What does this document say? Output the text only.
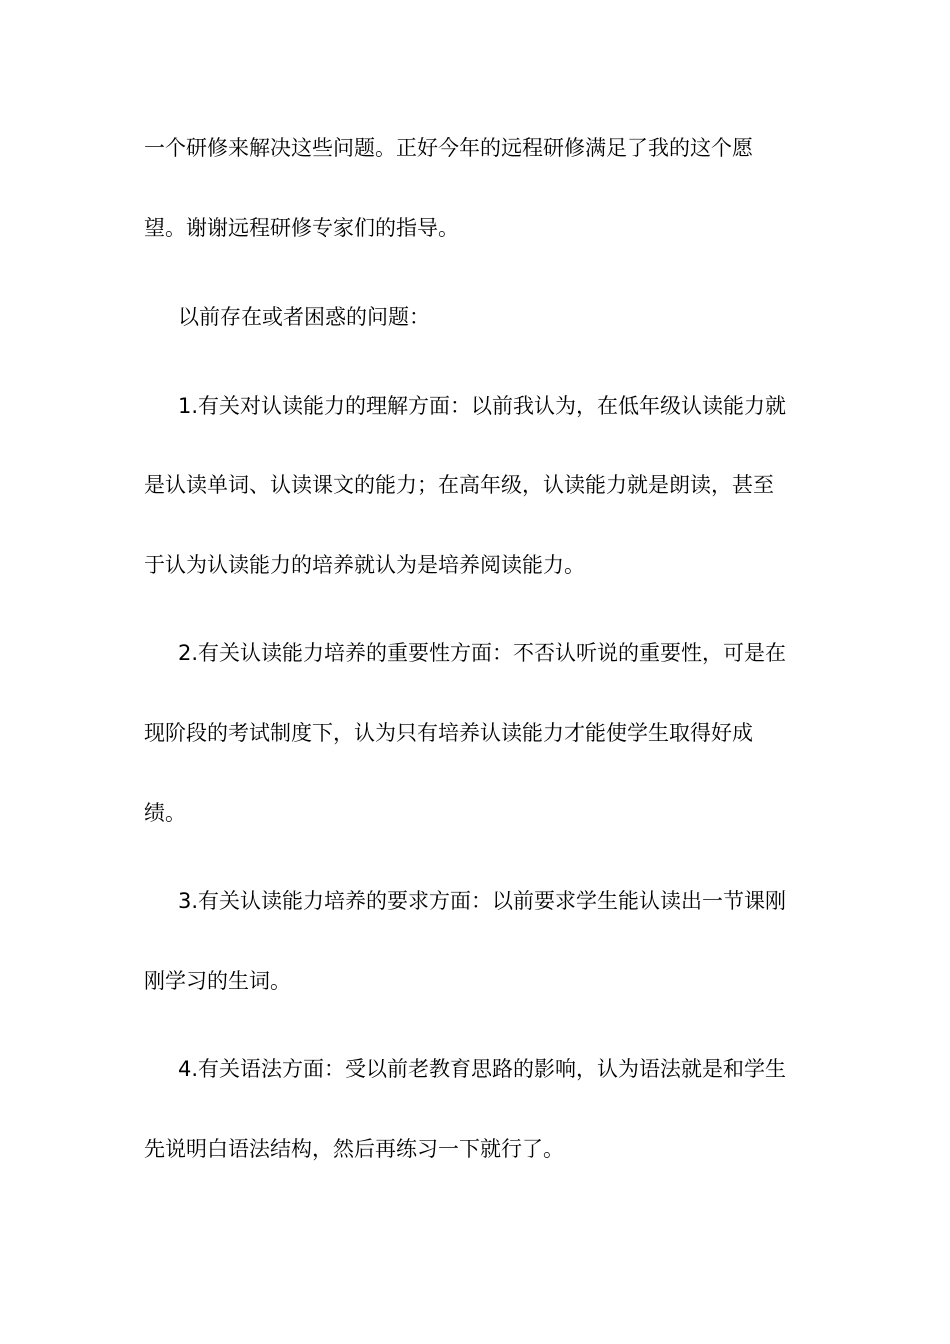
一个研修来解决这些问题。正好今年的远程研修满足了我的这个愿
望。谢谢远程研修专家们的指导。
以前存在或者困惑的问题：
1.有关对认读能力的理解方面：以前我认为，在低年级认读能力就
是认读单词、认读课文的能力；在高年级，认读能力就是朗读，甚至
于认为认读能力的培养就认为是培养阅读能力。
2.有关认读能力培养的重要性方面：不否认听说的重要性，可是在
现阶段的考试制度下，认为只有培养认读能力才能使学生取得好成
绩。
3.有关认读能力培养的要求方面：以前要求学生能认读出一节课刚
刚学习的生词。
4.有关语法方面：受以前老教育思路的影响，认为语法就是和学生
先说明白语法结构，然后再练习一下就行了。
